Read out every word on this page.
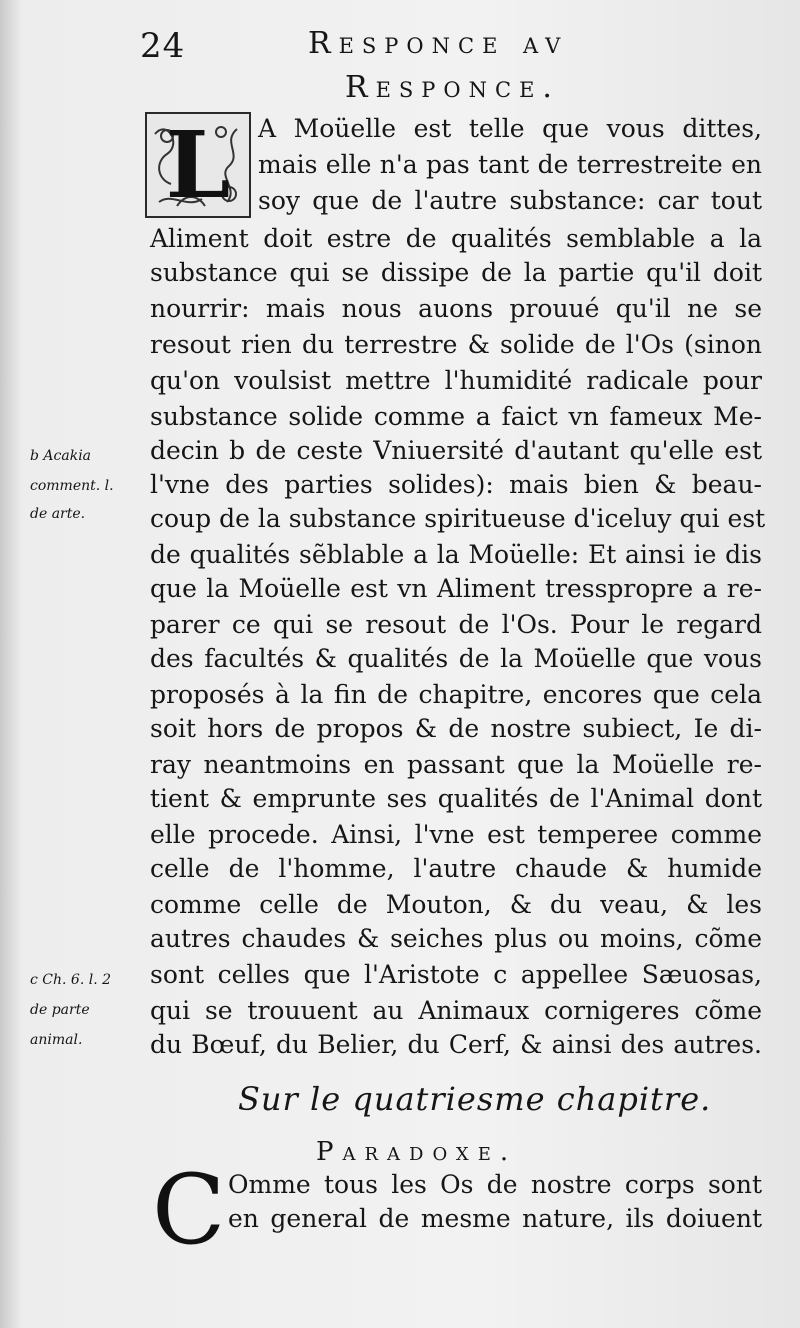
24	Responce av
Responce.
L A Moüelle est telle que vous dittes,
mais elle n'a pas tant de terrestreite en
soy que de l'autre substance: car tout
Aliment doit estre de qualités semblable a la
substance qui se dissipe de la partie qu'il doit
nourrir: mais nous auons prouué qu'il ne se
resout rien du terrestre & solide de l'Os (sinon
qu'on voulsist mettre l'humidité radicale pour
substance solide comme a faict vn fameux Me-
decin b de ceste Vniuersité d'autant qu'elle est
l'vne des parties solides): mais bien & beau-
coup de la substance spiritueuse d'iceluy qui est
de qualités sẽblable a la Moüelle: Et ainsi ie dis
que la Moüelle est vn Aliment tresspropre a re-
parer ce qui se resout de l'Os. Pour le regard
des facultés & qualités de la Moüelle que vous
proposés à la fin de chapitre, encores que cela
soit hors de propos & de nostre subiect, Ie di-
ray neantmoins en passant que la Moüelle re-
tient & emprunte ses qualités de l'Animal dont
elle procede. Ainsi, l'vne est temperee comme
celle de l'homme, l'autre chaude & humide
comme celle de Mouton, & du veau, & les
autres chaudes & seiches plus ou moins, cõme
sont celles que l'Aristote c appellee Sæuosas,
qui se trouuent au Animaux cornigeres cõme
du Bœuf, du Belier, du Cerf, & ainsi des autres.
b Acakia
comment. l.
de arte.
c Ch. 6. l. 2
de parte
animal.
Sur le quatriesme chapitre.
Paradoxe.
C Omme tous les Os de nostre corps sont
en general de mesme nature, ils doiuent
